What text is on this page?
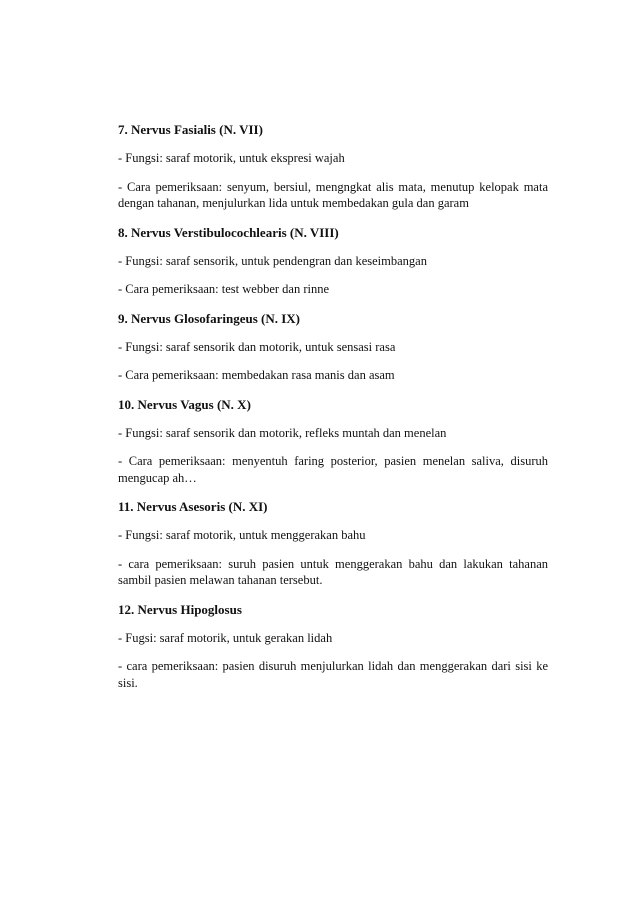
7. Nervus Fasialis (N. VII)

- Fungsi: saraf motorik, untuk ekspresi wajah

- Cara pemeriksaan: senyum, bersiul, mengngkat alis mata, menutup kelopak mata dengan tahanan, menjulurkan lida untuk membedakan gula dan garam

8. Nervus Verstibulocochlearis (N. VIII)

- Fungsi: saraf sensorik, untuk pendengran dan keseimbangan

- Cara pemeriksaan: test webber dan rinne

9. Nervus Glosofaringeus (N. IX)

- Fungsi: saraf sensorik dan motorik, untuk sensasi rasa

- Cara pemeriksaan: membedakan rasa manis dan asam

10. Nervus Vagus (N. X)

- Fungsi: saraf sensorik dan motorik, refleks muntah dan menelan

- Cara pemeriksaan: menyentuh faring posterior, pasien menelan saliva, disuruh mengucap ah…

11. Nervus Asesoris (N. XI)

- Fungsi: saraf motorik, untuk menggerakan bahu

- cara pemeriksaan: suruh pasien untuk menggerakan bahu dan lakukan tahanan sambil pasien melawan tahanan tersebut.

12. Nervus Hipoglosus

- Fugsi: saraf motorik, untuk gerakan lidah

- cara pemeriksaan: pasien disuruh menjulurkan lidah dan menggerakan dari sisi ke sisi.
